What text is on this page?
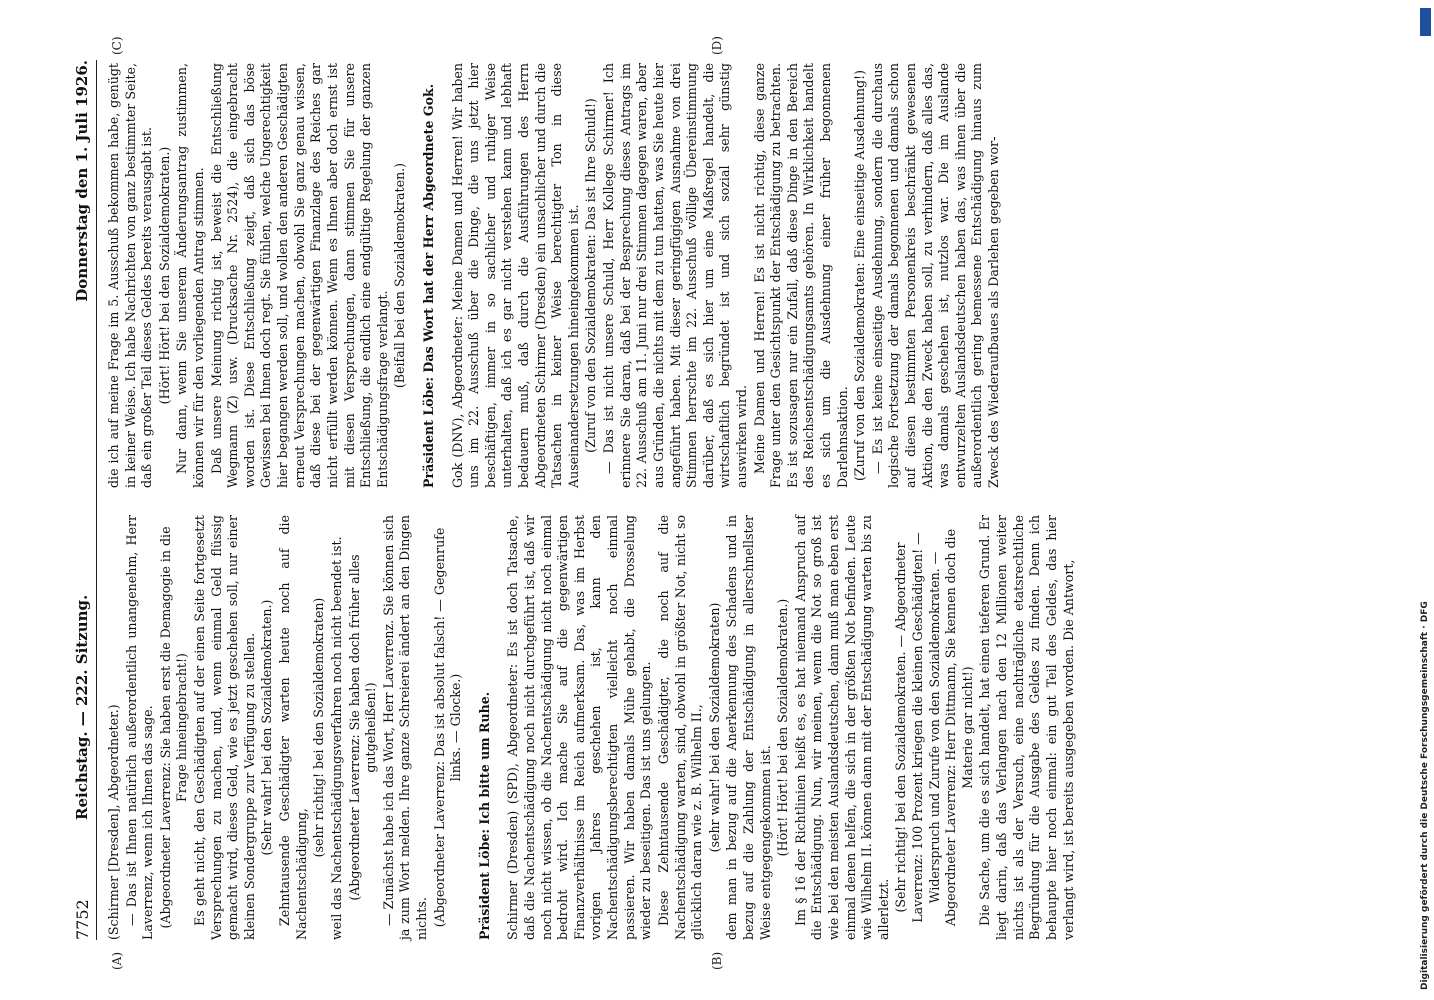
7752
Reichstag. — 222. Sitzung.
Donnerstag den 1. Juli 1926.

(Schirmer [Dresden], Abgeordneter.) — Das ist Ihnen natürlich außerordentlich unangenehm, Herr Laverrenz, wenn ich Ihnen das sage. (Abgeordneter Laverrenz: Sie haben erst die Demagogie in die Frage hineingebracht!) Es geht nicht, den Geschädigten auf der einen Seite fortgesetzt Versprechungen zu machen, und, wenn einmal Geld flüssig gemacht wird, dieses Geld, wie es jetzt geschehen soll, nur einer kleinen Sondergruppe zur Verfügung zu stellen. (Sehr wahr! bei den Sozialdemokraten.) Zehntausende Geschädigter warten heute noch auf die Nachentschädigung,

(sehr richtig! bei den Sozialdemokraten) weil das Nachentschädigungsverfahren noch nicht beendet ist. (Abgeordneter Laverrenz: Sie haben doch früher alles gutgeheißen!) — Zunächst habe ich das Wort, Herr Laverrenz. Sie können sich ja zum Wort melden. Ihre ganze Schreierei ändert an den Dingen nichts. (Abgeordneter Laverrenz: Das ist absolut falsch! — Gegenrufe links. — Glocke.) Präsident Löbe: Ich bitte um Ruhe. Schirmer (Dresden) (SPD), Abgeordneter: Es ist doch Tatsache, daß die Nachentschädigung noch nicht durchgeführt ist, daß wir noch nicht wissen, ob die Nachentschädigung nicht noch einmal bedroht wird. Ich mache Sie auf die gegenwärtigen Finanzverhältnisse im Reich aufmerksam. Das, was im Herbst vorigen Jahres geschehen ist, kann den Nachentschädigungsberechtigten vielleicht noch einmal passieren. Wir haben damals Mühe gehabt, die Drosselung wieder zu beseitigen. Das ist uns gelungen. Diese Zehntausende Geschädigter, die noch auf die Nachentschädigung warten, sind, obwohl in größter Not, nicht so glücklich daran wie z. B. Wilhelm II., (sehr wahr! bei den Sozialdemokraten) dem man in bezug auf die Anerkennung des Schadens und in bezug auf die Zahlung der Entschädigung in allerschnellster Weise entgegengekommen ist. (Hört! Hört! bei den Sozialdemokraten.) Im § 16 der Richtlinien heißt es, es hat niemand Anspruch auf die Entschädigung. Nun, wir meinen, wenn die Not so groß ist wie bei den meisten Auslandsdeutschen, dann muß man eben erst einmal denen helfen, die sich in der größten Not befinden. Leute wie Wilhelm II. können dann mit der Entschädigung warten bis zu allerletzt. (Sehr richtig! bei den Sozialdemokraten. — Abgeordneter Laverrenz: 100 Prozent kriegen die kleinen Geschädigten! — Widerspruch und Zurufe von den Sozialdemokraten. — Abgeordneter Laverrenz: Herr Dittmann, Sie kennen doch die Materie gar nicht!) Die Sache, um die es sich handelt, hat einen tieferen Grund. Er liegt darin, daß das Verlangen nach den 12 Millionen weiter nichts ist als der Versuch, eine nachträgliche etatsrechtliche Begründung für die Ausgabe des Geldes zu finden. Denn ich behaupte hier noch einmal: ein gut Teil des Geldes, das hier verlangt wird, ist bereits ausgegeben worden. Die Antwort,

die ich auf meine Frage im 5. Ausschuß bekommen habe, genügt in keiner Weise. Ich habe Nachrichten von ganz bestimmter Seite, daß ein großer Teil dieses Geldes bereits verausgabt ist. (Hört! Hört! bei den Sozialdemokraten.) Nur dann, wenn Sie unserem Änderungsantrag zustimmen, können wir für den vorliegenden Antrag stimmen. Daß unsere Meinung richtig ist, beweist die Entschließung Wegmann (Z) usw. (Drucksache Nr. 2524), die eingebracht worden ist. Diese Entschließung zeigt, daß sich das böse Gewissen bei Ihnen doch regt. Sie fühlen, welche Ungerechtigkeit hier begangen werden soll, und wollen den anderen Geschädigten erneut Versprechungen machen, obwohl Sie ganz genau wissen, daß diese bei der gegenwärtigen Finanzlage des Reiches gar nicht erfüllt werden können. Wenn es Ihnen aber doch ernst ist mit diesen Versprechungen, dann stimmen Sie für unsere Entschließung, die endlich eine endgültige Regelung der ganzen Entschädigungsfrage verlangt.

(Beifall bei den Sozialdemokraten.) Präsident Löbe: Das Wort hat der Herr Abgeordnete Gok. Gok (DNV), Abgeordneter: Meine Damen und Herren! Wir haben uns im 22. Ausschuß über die Dinge, die uns jetzt hier beschäftigen, immer in so sachlicher und ruhiger Weise unterhalten, daß ich es gar nicht verstehen kann und lebhaft bedauern muß, daß durch die Ausführungen des Herrn Abgeordneten Schirmer (Dresden) ein unsachlicher und durch die Tatsachen in keiner Weise berechtigter Ton in diese Auseinandersetzungen hineingekommen ist. (Zuruf von den Sozialdemokraten: Das ist Ihre Schuld!) — Das ist nicht unsere Schuld, Herr Kollege Schirmer! Ich erinnere Sie daran, daß bei der Besprechung dieses Antrags im 22. Ausschuß am 11. Juni nur drei Stimmen dagegen waren, aber aus Gründen, die nichts mit dem zu tun hatten, was Sie heute hier angeführt haben. Mit dieser geringfügigen Ausnahme von drei Stimmen herrschte im 22. Ausschuß völlige Übereinstimmung darüber, daß es sich hier um eine Maßregel handelt, die wirtschaftlich begründet ist und sich sozial sehr günstig auswirken wird. Meine Damen und Herren! Es ist nicht richtig, diese ganze Frage unter den Gesichtspunkt der Entschädigung zu betrachten. Es ist sozusagen nur ein Zufall, daß diese Dinge in den Bereich des Reichsentschädigungsamts gehören. In Wirklichkeit handelt es sich um die Ausdehnung einer früher begonnenen Darlehnsaktion. (Zuruf von den Sozialdemokraten: Eine einseitige Ausdehnung!) — Es ist keine einseitige Ausdehnung, sondern die durchaus logische Fortsetzung der damals begonnenen und damals schon auf diesen bestimmten Personenkreis beschränkt gewesenen Aktion, die den Zweck haben soll, zu verhindern, daß alles das, was damals geschehen ist, nutzlos war. Die im Auslande entwurzelten Auslandsdeutschen haben das, was ihnen über die außerordentlich gering bemessene Entschädigung hinaus zum Zweck des Wiederaufbaues als Darlehen gegeben wor-

(A)	(B)
(C)	(D)
Digitalisierung gefördert durch die Deutsche Forschungsgemeinschaft · DFG
